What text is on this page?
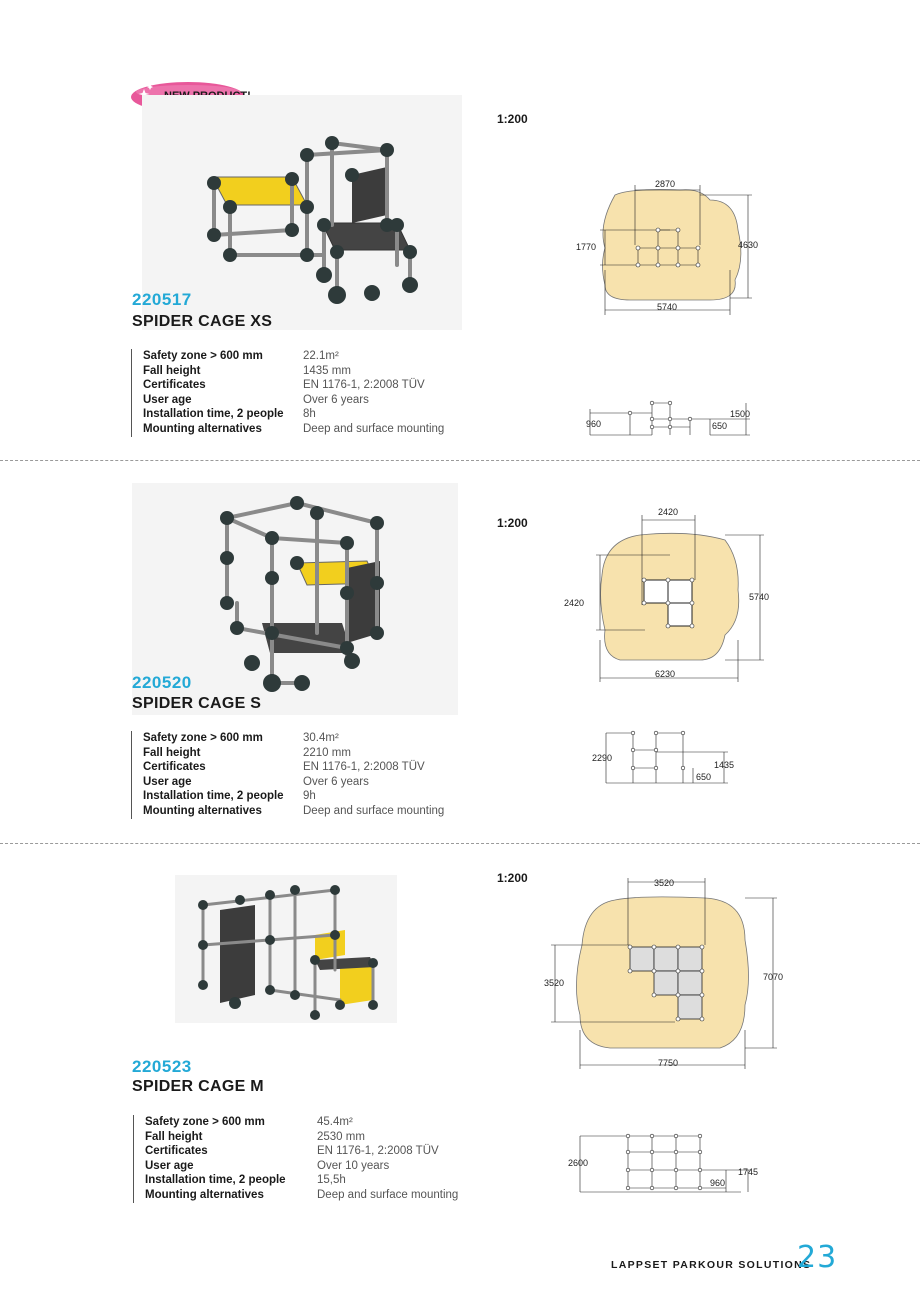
220517
SPIDER CAGE XS
Safety zone > 600 mm	22.1m²
Fall height	1435 mm
Certificates	EN 1176-1, 2:2008 TÜV
User age	Over 6 years
Installation time, 2 people	8h
Mounting alternatives	Deep and surface mounting
1:200
2870
1770	4630
5740
960
1500
650
220520
SPIDER CAGE S
Safety zone > 600 mm	30.4m²
Fall height	2210 mm
Certificates	EN 1176-1, 2:2008 TÜV
User age	Over 6 years
Installation time, 2 people	9h
Mounting alternatives	Deep and surface mounting
1:200
2420
2420
5740
6230
2290
1435
650
220523
SPIDER CAGE M
Safety zone > 600 mm	45.4m²
Fall height	2530 mm
Certificates	EN 1176-1, 2:2008 TÜV
User age	Over 10 years
Installation time, 2 people	15,5h
Mounting alternatives	Deep and surface mounting
1:200	3520
3520
7070
7750
2600
1745
960
LAPPSET PARKOUR SOLUTIONS
23
